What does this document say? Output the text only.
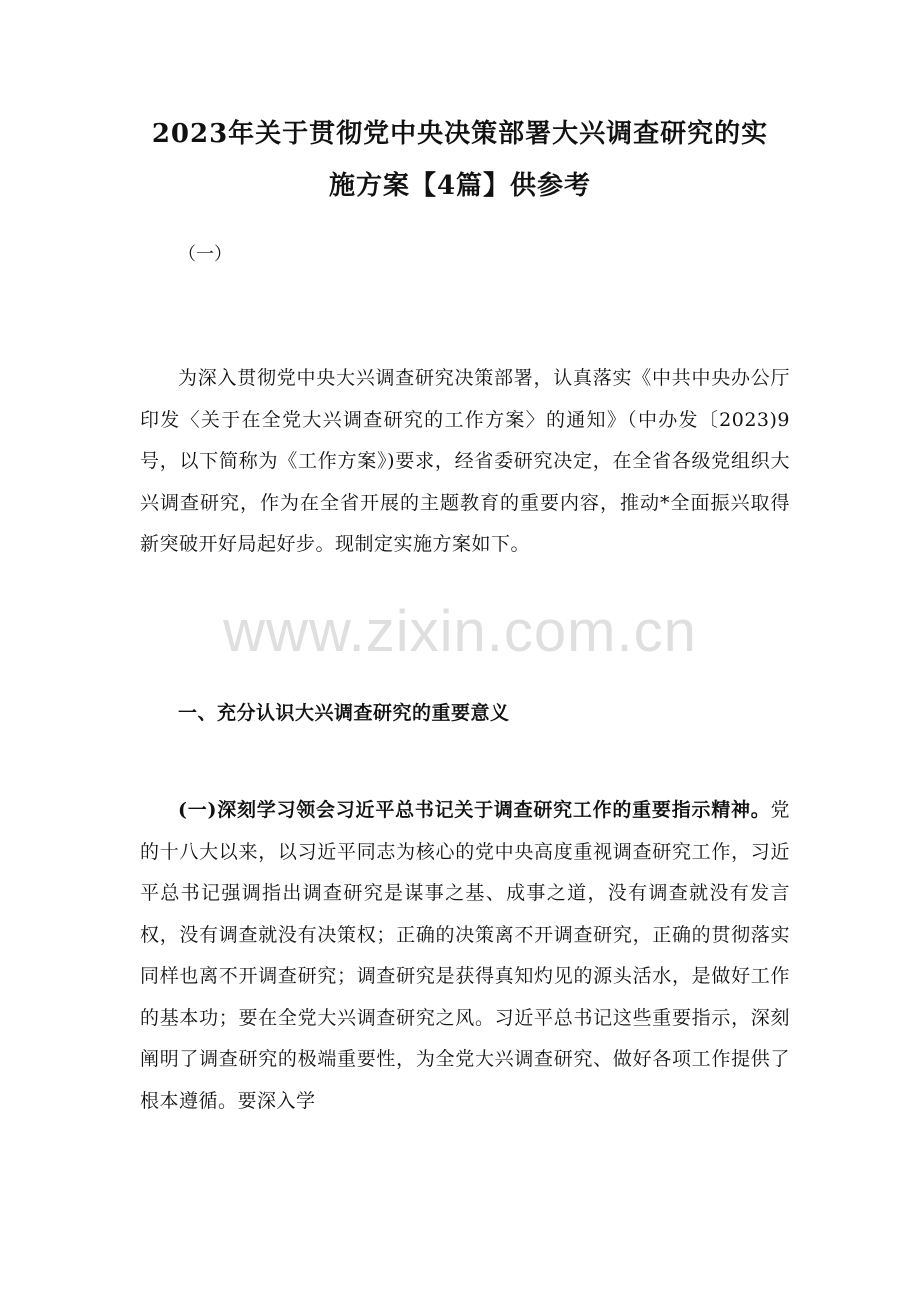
2023年关于贯彻党中央决策部署大兴调查研究的实施方案【4篇】供参考

（一）

为深入贯彻党中央大兴调查研究决策部署，认真落实《中共中央办公厅印发〈关于在全党大兴调查研究的工作方案〉的通知》（中办发〔2023)9号，以下简称为《工作方案》)要求，经省委研究决定，在全省各级党组织大兴调查研究，作为在全省开展的主题教育的重要内容，推动*全面振兴取得新突破开好局起好步。现制定实施方案如下。

www.zixin.com.cn

一、充分认识大兴调查研究的重要意义

(一)深刻学习领会习近平总书记关于调查研究工作的重要指示精神。党的十八大以来，以习近平同志为核心的党中央高度重视调查研究工作，习近平总书记强调指出调查研究是谋事之基、成事之道，没有调查就没有发言权，没有调查就没有决策权；正确的决策离不开调查研究，正确的贯彻落实同样也离不开调查研究；调查研究是获得真知灼见的源头活水，是做好工作的基本功；要在全党大兴调查研究之风。习近平总书记这些重要指示，深刻阐明了调查研究的极端重要性，为全党大兴调查研究、做好各项工作提供了根本遵循。要深入学
